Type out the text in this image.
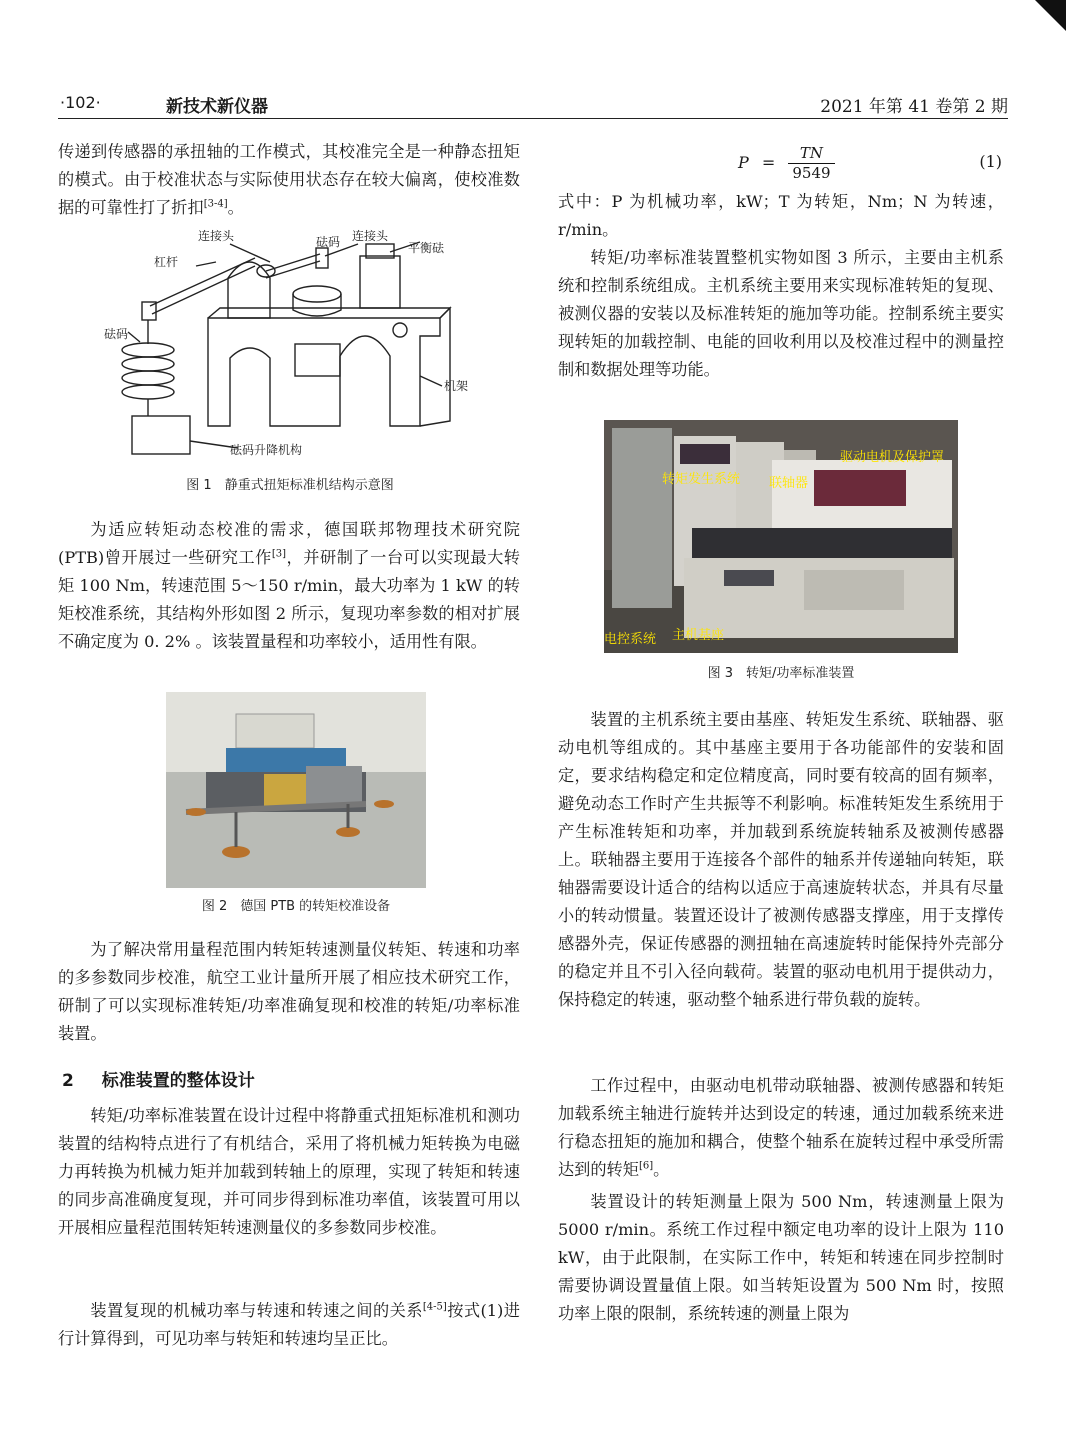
·102·	新技术新仪器	2021 年第 41 卷第 2 期

传递到传感器的承扭轴的工作模式，其校准完全是一种静态扭矩的模式。由于校准状态与实际使用状态存在较大偏离，使校准数据的可靠性打了折扣[3-4]。

连接头	连接头
杠杆
砝码	平衡砝
砝码
机架
砝码升降机构
图 1　静重式扭矩标准机结构示意图

为适应转矩动态校准的需求，德国联邦物理技术研究院(PTB)曾开展过一些研究工作[3]，并研制了一台可以实现最大转矩 100 Nm，转速范围 5～150 r/min，最大功率为 1 kW 的转矩校准系统，其结构外形如图 2 所示，复现功率参数的相对扩展不确定度为 0. 2% 。该装置量程和功率较小，适用性有限。

图 2　德国 PTB 的转矩校准设备

为了解决常用量程范围内转矩转速测量仪转矩、转速和功率的多参数同步校准，航空工业计量所开展了相应技术研究工作，研制了可以实现标准转矩/功率准确复现和校准的转矩/功率标准装置。

2 标准装置的整体设计

转矩/功率标准装置在设计过程中将静重式扭矩标准机和测功装置的结构特点进行了有机结合，采用了将机械力矩转换为电磁力再转换为机械力矩并加载到转轴上的原理，实现了转矩和转速的同步高准确度复现，并可同步得到标准功率值，该装置可用以开展相应量程范围转矩转速测量仪的多参数同步校准。

装置复现的机械功率与转速和转速之间的关系[4-5]按式(1)进行计算得到，可见功率与转矩和转速均呈正比。

$P = \frac{TN}{9549}$	(1)

式中：P 为机械功率，kW；T 为转矩，Nm；N 为转速，r/min。

转矩/功率标准装置整机实物如图 3 所示，主要由主机系统和控制系统组成。主机系统主要用来实现标准转矩的复现、被测仪器的安装以及标准转矩的施加等功能。控制系统主要实现转矩的加载控制、电能的回收利用以及校准过程中的测量控制和数据处理等功能。

转矩发生系统 联轴器
驱动电机及保护罩
电控系统 主机基座
图 3　转矩/功率标准装置

装置的主机系统主要由基座、转矩发生系统、联轴器、驱动电机等组成的。其中基座主要用于各功能部件的安装和固定，要求结构稳定和定位精度高，同时要有较高的固有频率，避免动态工作时产生共振等不利影响。标准转矩发生系统用于产生标准转矩和功率，并加载到系统旋转轴系及被测传感器上。联轴器主要用于连接各个部件的轴系并传递轴向转矩，联轴器需要设计适合的结构以适应于高速旋转状态，并具有尽量小的转动惯量。装置还设计了被测传感器支撑座，用于支撑传感器外壳，保证传感器的测扭轴在高速旋转时能保持外壳部分的稳定并且不引入径向载荷。装置的驱动电机用于提供动力，保持稳定的转速，驱动整个轴系进行带负载的旋转。

工作过程中，由驱动电机带动联轴器、被测传感器和转矩加载系统主轴进行旋转并达到设定的转速，通过加载系统来进行稳态扭矩的施加和耦合，使整个轴系在旋转过程中承受所需达到的转矩[6]。

装置设计的转矩测量上限为 500 Nm，转速测量上限为 5000 r/min。系统工作过程中额定电功率的设计上限为 110 kW，由于此限制，在实际工作中，转矩和转速在同步控制时需要协调设置量值上限。如当转矩设置为 500 Nm 时，按照功率上限的限制，系统转速的测量上限为
